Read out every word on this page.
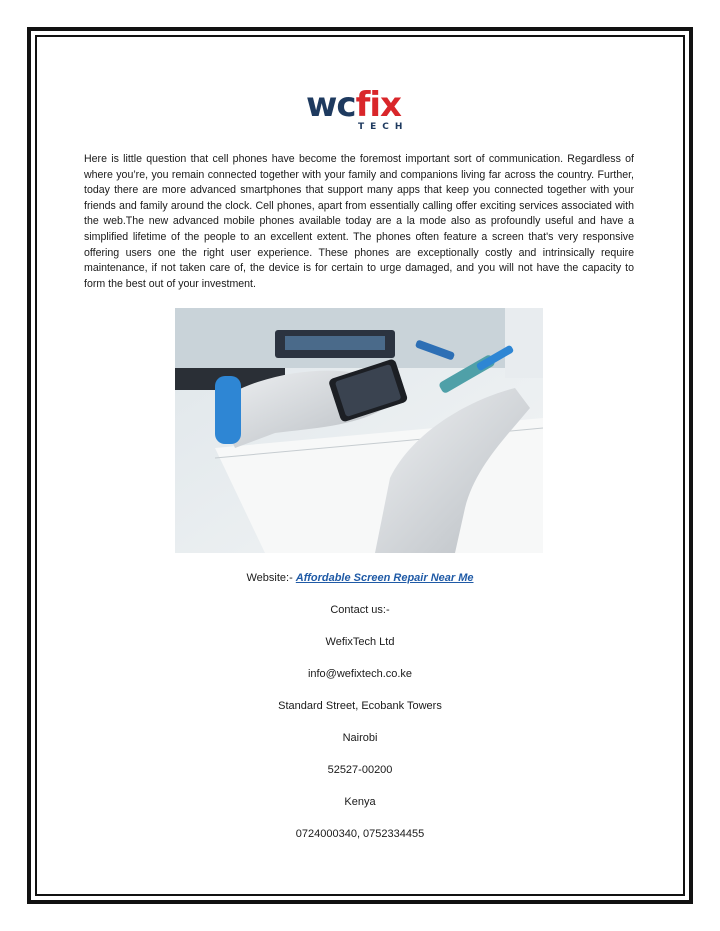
wcfix
TECH

Here is little question that cell phones have become the foremost important sort of communication. Regardless of where you’re, you remain connected together with your family and companions living far across the country. Further, today there are more advanced smartphones that support many apps that keep you connected together with your friends and family around the clock. Cell phones, apart from essentially calling offer exciting services associated with the web.The new advanced mobile phones available today are a la mode also as profoundly useful and have a simplified lifetime of the people to an excellent extent. The phones often feature a screen that's very responsive offering users one the right user experience. These phones are exceptionally costly and intrinsically require maintenance, if not taken care of, the device is for certain to urge damaged, and you will not have the capacity to form the best out of your investment.

Website:- Affordable Screen Repair Near Me
Contact us:-
WefixTech Ltd
info@wefixtech.co.ke
Standard Street, Ecobank Towers
Nairobi
52527-00200
Kenya
0724000340, 0752334455
